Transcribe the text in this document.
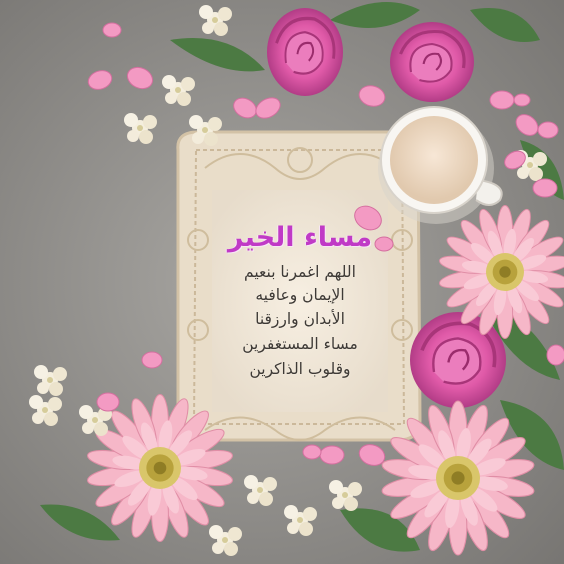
مساء الخير
اللهم اغمرنا بنعيم
الإيمان وعافيه
الأبدان وارزقنا
مساء المستغفرين
وقلوب الذاكرين
